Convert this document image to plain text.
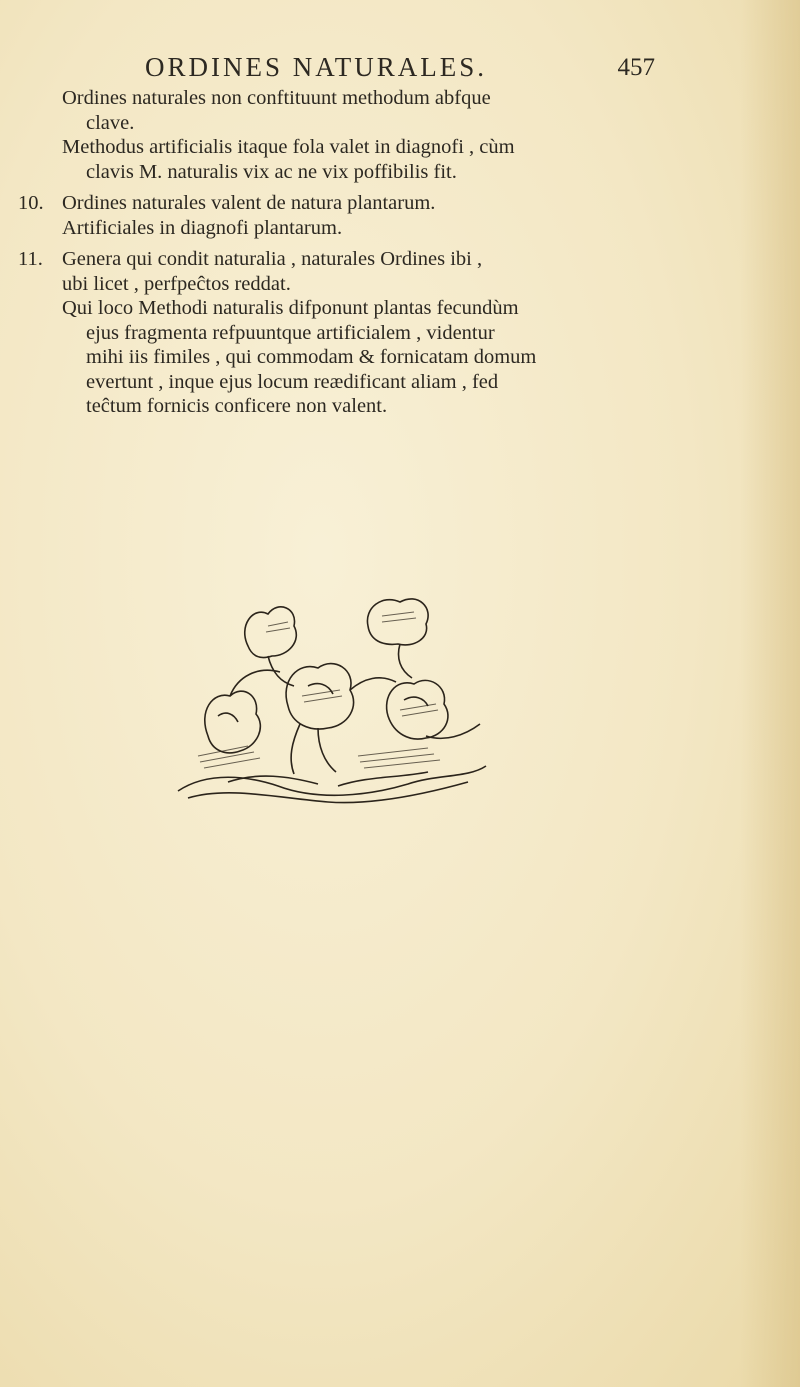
ORDINES NATURALES.	457

Ordines naturales non conftituunt methodum abfque
clave.

Methodus artificialis itaque fola valet in diagnofi , cùm
clavis M. naturalis vix ac ne vix poffibilis fit.

10. Ordines naturales valent de natura plantarum.
Artificiales in diagnofi plantarum.

11. Genera qui condit naturalia , naturales Ordines ibi ,
ubi licet , perfpeĉtos reddat.

Qui loco Methodi naturalis difponunt plantas fecundùm
ejus fragmenta refpuuntque artificialem , videntur
mihi iis fimiles , qui commodam & fornicatam domum
evertunt , inque ejus locum reædificant aliam , fed
teĉtum fornicis conficere non valent.
